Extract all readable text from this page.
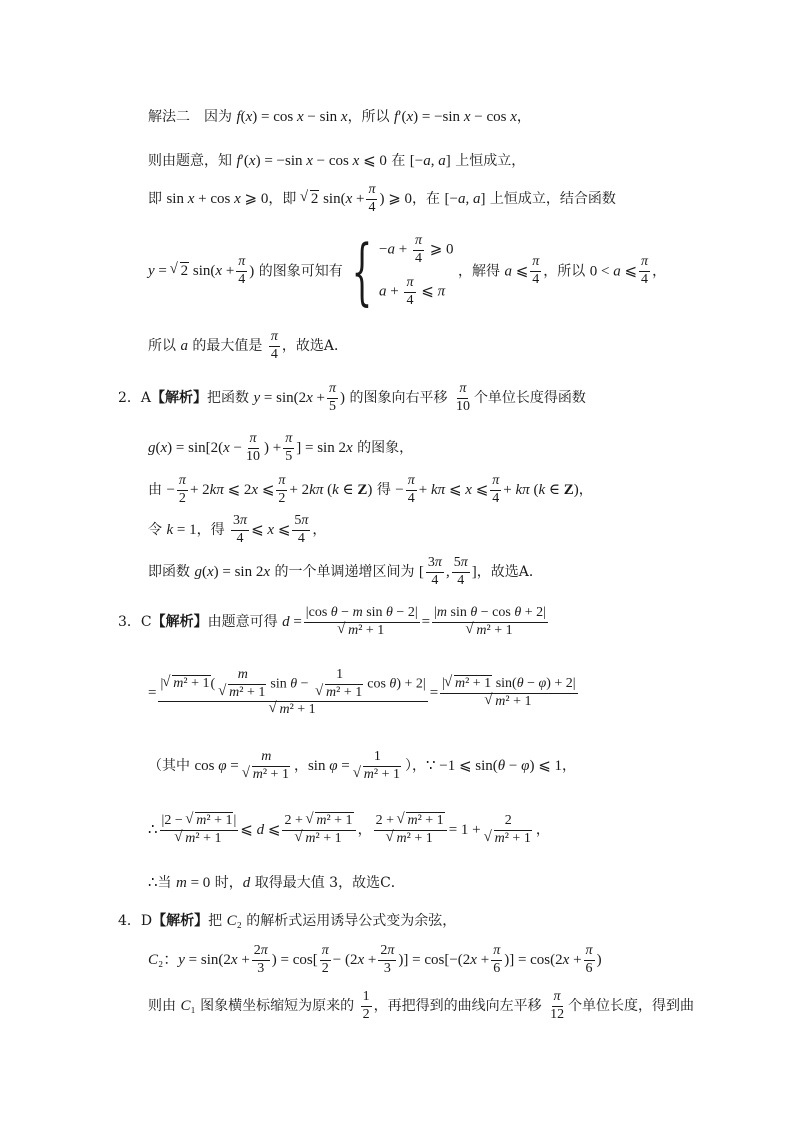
解法二　因为 f(x) = cos x − sin x，所以 f′(x) = −sin x − cos x，
则由题意，知 f′(x) = −sin x − cos x ⩽ 0 在 [−a, a] 上恒成立，
即 sin x + cos x ⩾ 0，即 √ 2 $\sin(x + \frac{\pi}{4}$ ) ⩾ 0，在 [−a, a] 上恒成立，结合函数
y = √ 2 $\sin(x + \frac{\pi}{4}$ ) 的图象可知有 { $-a + \frac{\pi}{4}$ ⩾ 0
$a + \frac{\pi}{4}$ ⩽ π
，解得 a ⩽ $\frac{\pi}{4}$ ，所以 0 < a ⩽ $\frac{\pi}{4}$ ，
所以 a 的最大值是 $\frac{\pi}{4}$ ，故选A．
2．A【解析】把函数 $y = \sin(2x + \frac{\pi}{5}$ ) 的图象向右平移 $\frac{\pi}{10}$ 个单位长度得函数
$g(x) = \sin[2(x - \frac{\pi}{10}$ ) + $\frac{\pi}{5}$ ] = sin 2x 的图象，
由 − $\frac{\pi}{2} + 2k\pi$ ⩽ 2x ⩽ $\frac{\pi}{2} + 2k\pi$ (k ∈ Z) 得 − $\frac{\pi}{4} + k\pi$ ⩽ x ⩽ $\frac{\pi}{4} + k\pi$ (k ∈ Z)，
令 k = 1，得 $\frac{3\pi}{4}$ ⩽ x ⩽ $\frac{5\pi}{4}$ ，
即函数 g(x) = sin 2x 的一个单调递增区间为 [ $\frac{3\pi}{4}$ , $\frac{5\pi}{4}$ ]，故选A．
3．C【解析】由题意可得 d = |cos θ − m sin θ − 2|
√ m² + 1 = |m sin θ − cos θ + 2|
√ m² + 1
= | √ m² + 1( m
√ m² + 1 sin θ − 1
√ m² + 1 cos θ) + 2|
√ m² + 1 = | √ m² + 1 sin(θ − φ) + 2|
√ m² + 1
（其中 cos φ = m
√ m² + 1 ，sin φ = 1
√ m² + 1 ），∵ −1 ⩽ sin(θ − φ) ⩽ 1，
∴ |2 − √ m² + 1|
√ m² + 1 ⩽ d ⩽ 2 + √ m² + 1
√ m² + 1 ， 2 + √ m² + 1
√ m² + 1 = 1 + 2
√ m² + 1 ，
∴当 m = 0 时，d 取得最大值 3，故选C．
4．D【解析】把 C₂ 的解析式运用诱导公式变为余弦，
C₂：$y = \sin(2x + \frac{2\pi}{3}$ ) = $\cos[ \frac{\pi}{2} - (2x + \frac{2\pi}{3}$ )] = $\cos[-(2x + \frac{\pi}{6}$ )] = $\cos(2x + \frac{\pi}{6}$ )
则由 C₁ 图象横坐标缩短为原来的 $\frac{1}{2}$ ，再把得到的曲线向左平移 $\frac{\pi}{12}$ 个单位长度，得到曲
